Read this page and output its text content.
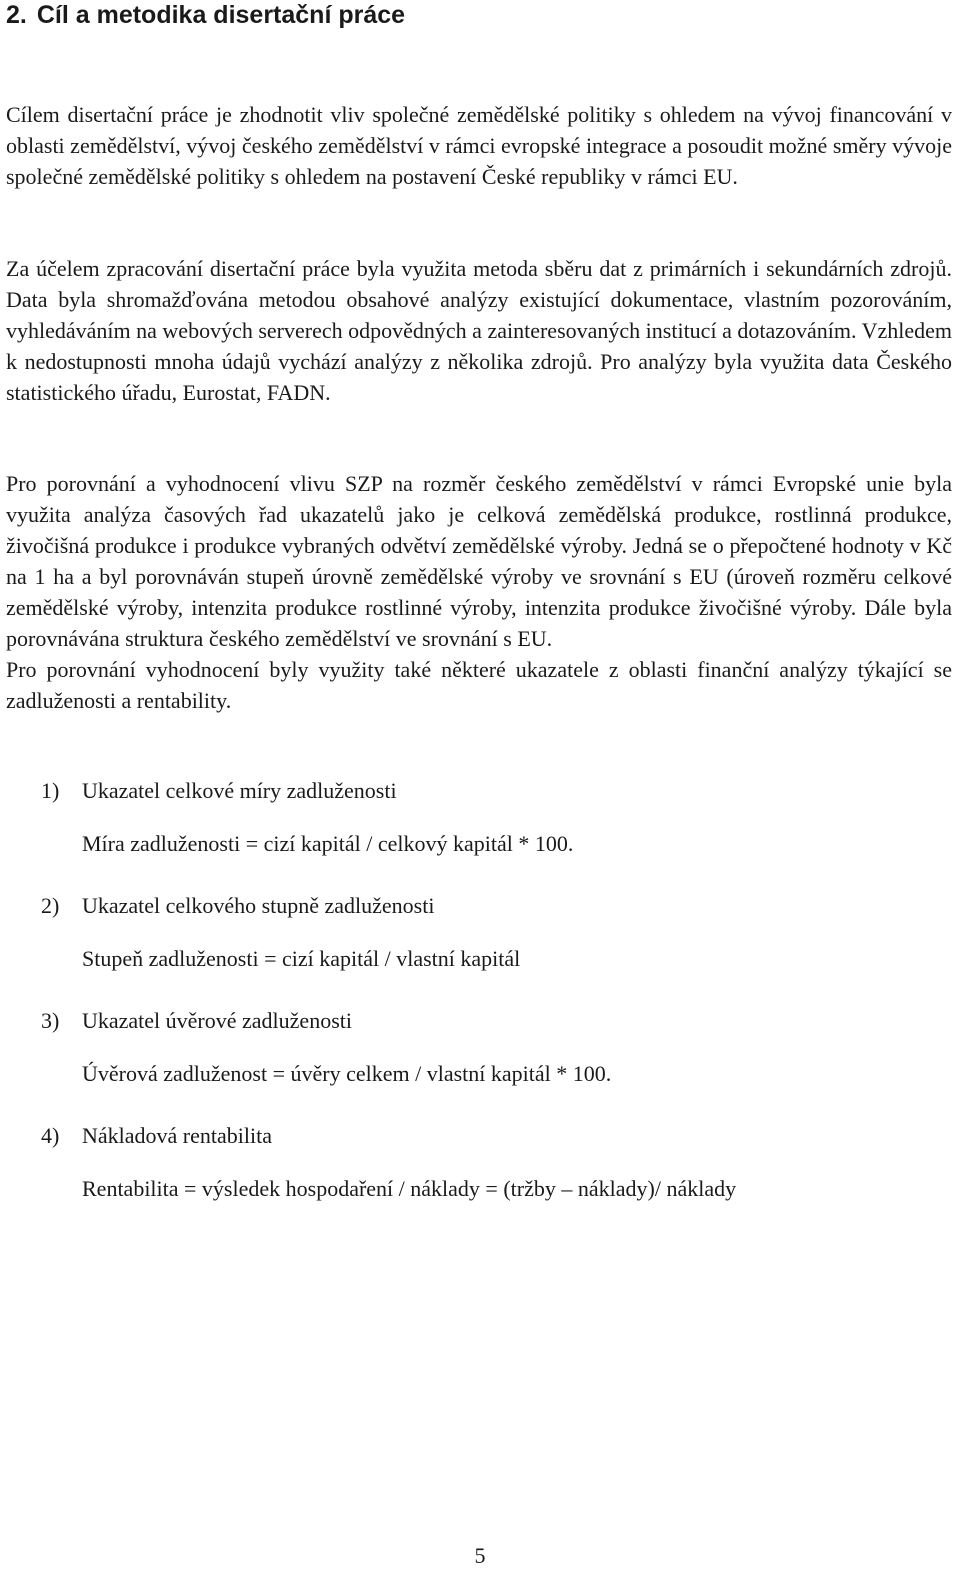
2. Cíl a metodika disertační práce

Cílem disertační práce je zhodnotit vliv společné zemědělské politiky s ohledem na vývoj financování v oblasti zemědělství, vývoj českého zemědělství v rámci evropské integrace a posoudit možné směry vývoje společné zemědělské politiky s ohledem na postavení České republiky v rámci EU.

Za účelem zpracování disertační práce byla využita metoda sběru dat z primárních i sekundárních zdrojů. Data byla shromažďována metodou obsahové analýzy existující dokumentace, vlastním pozorováním, vyhledáváním na webových serverech odpovědných a zainteresovaných institucí a dotazováním. Vzhledem k nedostupnosti mnoha údajů vychází analýzy z několika zdrojů. Pro analýzy byla využita data Českého statistického úřadu, Eurostat, FADN.

Pro porovnání a vyhodnocení vlivu SZP na rozměr českého zemědělství v rámci Evropské unie byla využita analýza časových řad ukazatelů jako je celková zemědělská produkce, rostlinná produkce, živočišná produkce i produkce vybraných odvětví zemědělské výroby. Jedná se o přepočtené hodnoty v Kč na 1 ha a byl porovnáván stupeň úrovně zemědělské výroby ve srovnání s EU (úroveň rozměru celkové zemědělské výroby, intenzita produkce rostlinné výroby, intenzita produkce živočišné výroby. Dále byla porovnávána struktura českého zemědělství ve srovnání s EU.
Pro porovnání vyhodnocení byly využity také některé ukazatele z oblasti finanční analýzy týkající se zadluženosti a rentability.

1) Ukazatel celkové míry zadluženosti

Míra zadluženosti = cizí kapitál / celkový kapitál * 100.

2) Ukazatel celkového stupně zadluženosti

Stupeň zadluženosti = cizí kapitál / vlastní kapitál

3) Ukazatel úvěrové zadluženosti

Úvěrová zadluženost = úvěry celkem / vlastní kapitál * 100.

4) Nákladová rentabilita

Rentabilita = výsledek hospodaření / náklady = (tržby – náklady)/ náklady

5
